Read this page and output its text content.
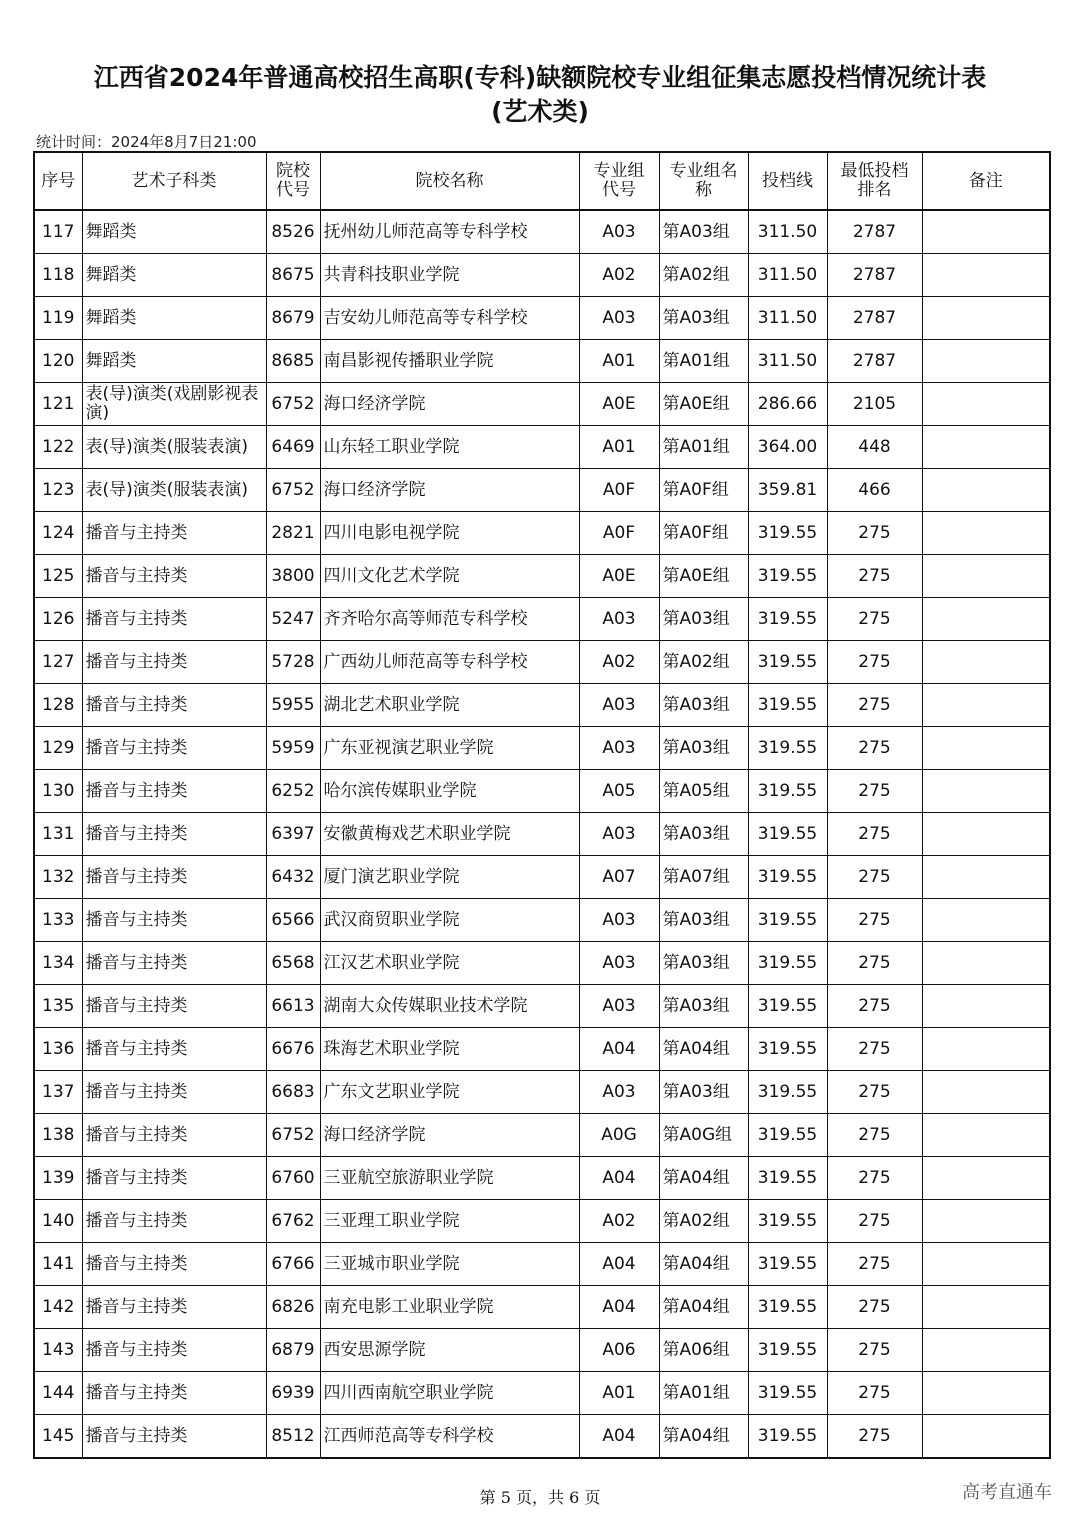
江西省2024年普通高校招生高职(专科)缺额院校专业组征集志愿投档情况统计表
(艺术类)
统计时间：2024年8月7日21:00
序号	艺术子科类	院校代号	院校名称	专业组代号	专业组名称	投档线	最低投档排名	备注
117	舞蹈类	8526	抚州幼儿师范高等专科学校	A03	第A03组	311.50	2787	
118	舞蹈类	8675	共青科技职业学院	A02	第A02组	311.50	2787	
119	舞蹈类	8679	吉安幼儿师范高等专科学校	A03	第A03组	311.50	2787	
120	舞蹈类	8685	南昌影视传播职业学院	A01	第A01组	311.50	2787	
121	表(导)演类(戏剧影视表演)	6752	海口经济学院	A0E	第A0E组	286.66	2105	
122	表(导)演类(服装表演)	6469	山东轻工职业学院	A01	第A01组	364.00	448	
123	表(导)演类(服装表演)	6752	海口经济学院	A0F	第A0F组	359.81	466	
124	播音与主持类	2821	四川电影电视学院	A0F	第A0F组	319.55	275	
125	播音与主持类	3800	四川文化艺术学院	A0E	第A0E组	319.55	275	
126	播音与主持类	5247	齐齐哈尔高等师范专科学校	A03	第A03组	319.55	275	
127	播音与主持类	5728	广西幼儿师范高等专科学校	A02	第A02组	319.55	275	
128	播音与主持类	5955	湖北艺术职业学院	A03	第A03组	319.55	275	
129	播音与主持类	5959	广东亚视演艺职业学院	A03	第A03组	319.55	275	
130	播音与主持类	6252	哈尔滨传媒职业学院	A05	第A05组	319.55	275	
131	播音与主持类	6397	安徽黄梅戏艺术职业学院	A03	第A03组	319.55	275	
132	播音与主持类	6432	厦门演艺职业学院	A07	第A07组	319.55	275	
133	播音与主持类	6566	武汉商贸职业学院	A03	第A03组	319.55	275	
134	播音与主持类	6568	江汉艺术职业学院	A03	第A03组	319.55	275	
135	播音与主持类	6613	湖南大众传媒职业技术学院	A03	第A03组	319.55	275	
136	播音与主持类	6676	珠海艺术职业学院	A04	第A04组	319.55	275	
137	播音与主持类	6683	广东文艺职业学院	A03	第A03组	319.55	275	
138	播音与主持类	6752	海口经济学院	A0G	第A0G组	319.55	275	
139	播音与主持类	6760	三亚航空旅游职业学院	A04	第A04组	319.55	275	
140	播音与主持类	6762	三亚理工职业学院	A02	第A02组	319.55	275	
141	播音与主持类	6766	三亚城市职业学院	A04	第A04组	319.55	275	
142	播音与主持类	6826	南充电影工业职业学院	A04	第A04组	319.55	275	
143	播音与主持类	6879	西安思源学院	A06	第A06组	319.55	275	
144	播音与主持类	6939	四川西南航空职业学院	A01	第A01组	319.55	275	
145	播音与主持类	8512	江西师范高等专科学校	A04	第A04组	319.55	275	
第 5 页，共 6 页	高考直通车
